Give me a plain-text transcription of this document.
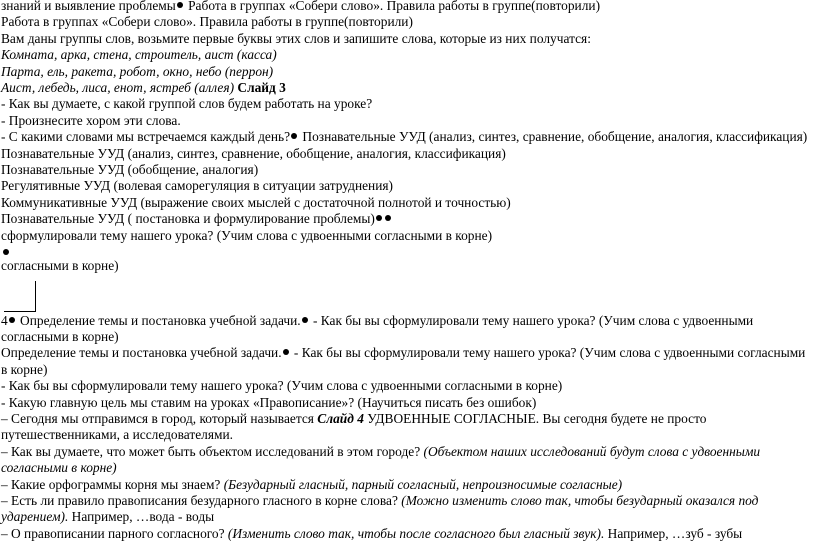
знаний и выявление проблемы Работа в группах «Собери слово». Правила работы в группе(повторили)
Работа в группах «Собери слово». Правила работы в группе(повторили)
Вам даны группы слов, возьмите первые буквы этих слов и запишите слова, которые из них получатся:
Комната, арка, стена, строитель, аист (касса)
Парта, ель, ракета, робот, окно, небо (перрон)
Аист, лебедь, лиса, енот, ястреб (аллея) Слайд 3
- Как вы думаете, с какой группой слов будем работать на уроке?
- Произнесите хором эти слова.
- С какими словами мы встречаемся каждый день? Познавательные УУД (анализ, синтез, сравнение, обобщение, аналогия, классификация)
Познавательные УУД (анализ, синтез, сравнение, обобщение, аналогия, классификация)
Познавательные УУД (обобщение, аналогия)
Регулятивные УУД (волевая саморегуляция в ситуации затруднения)
Коммуникативные УУД (выражение своих мыслей с достаточной полнотой и точностью)
Познавательные УУД ( постановка и формулирование проблемы)
сформулировали тему нашего урока? (Учим слова с удвоенными согласными в корне)
согласными в корне)
4 Определение темы и постановка учебной задачи. - Как бы вы сформулировали тему нашего урока? (Учим слова с удвоенными согласными в корне)
Определение темы и постановка учебной задачи. - Как бы вы сформулировали тему нашего урока? (Учим слова с удвоенными согласными в корне)
- Как бы вы сформулировали тему нашего урока? (Учим слова с удвоенными согласными в корне)
- Какую главную цель мы ставим на уроках «Правописание»? (Научиться писать без ошибок)
– Сегодня мы отправимся в город, который называется Слайд 4 УДВОЕННЫЕ СОГЛАСНЫЕ. Вы сегодня будете не просто путешественниками, а исследователями.
– Как вы думаете, что может быть объектом исследований в этом городе? (Объектом наших исследований будут слова с удвоенными согласными в корне)
– Какие орфограммы корня мы знаем? (Безударный гласный, парный согласный, непроизносимые согласные)
– Есть ли правило правописания безударного гласного в корне слова? (Можно изменить слово так, чтобы безударный оказался под ударением). Например, …вода - воды
– О правописании парного согласного? (Изменить слово так, чтобы после согласного был гласный звук). Например, …зуб - зубы
